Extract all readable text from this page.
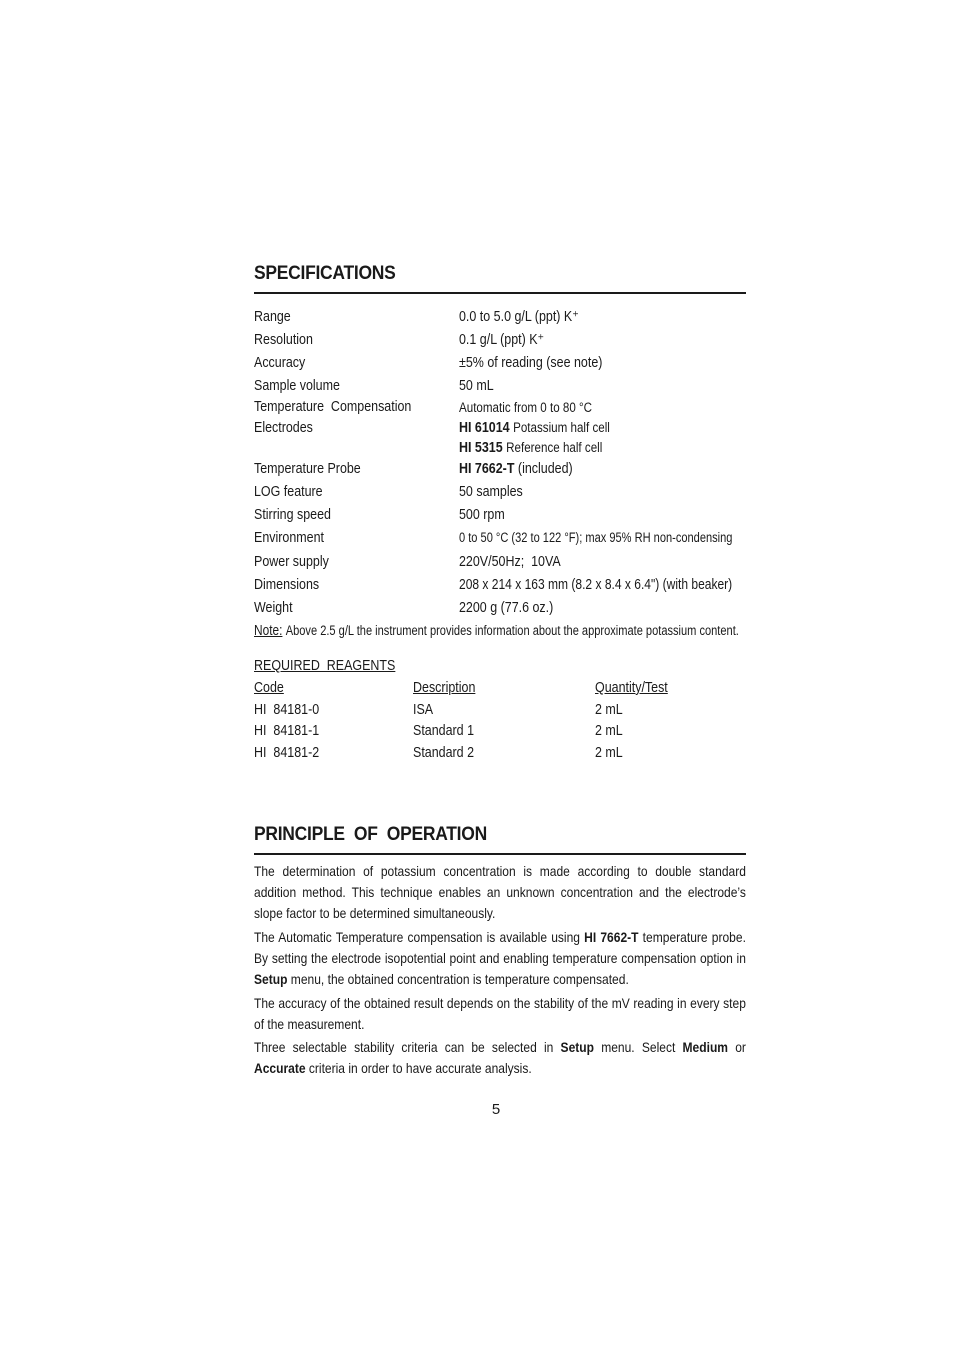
SPECIFICATIONS
Range	0.0 to 5.0 g/L (ppt) K⁺
Resolution	0.1 g/L (ppt) K⁺
Accuracy	±5% of reading (see note)
Sample volume	50 mL
Temperature  Compensation	Automatic from 0 to 80 °C
Electrodes	HI 61014 Potassium half cell
HI 5315 Reference half cell
Temperature Probe	HI 7662-T (included)
LOG feature	50 samples
Stirring speed	500 rpm
Environment	0 to 50 °C (32 to 122 °F); max 95% RH non-condensing
Power supply	220V/50Hz;  10VA
Dimensions	208 x 214 x 163 mm (8.2 x 8.4 x 6.4") (with beaker)
Weight	2200 g (77.6 oz.)
Note: Above 2.5 g/L the instrument provides information about the approximate potassium content.
REQUIRED  REAGENTS
Code	Description	Quantity/Test
HI  84181-0	ISA	2 mL
HI  84181-1	Standard 1	2 mL
HI  84181-2	Standard 2	2 mL
PRINCIPLE  OF  OPERATION
The determination of potassium concentration is made according to double standard addition method. This technique enables an unknown concentration and the electrode’s slope factor to be determined simultaneously.
The Automatic Temperature compensation is available using HI 7662-T temperature probe. By setting the electrode isopotential point and enabling temperature compensation option in Setup menu, the obtained concentration is temperature compensated.
The accuracy of the obtained result depends on the stability of the mV reading in every step of the measurement.
Three selectable stability criteria can be selected in Setup menu. Select Medium or Accurate criteria in order to have accurate analysis.
5
